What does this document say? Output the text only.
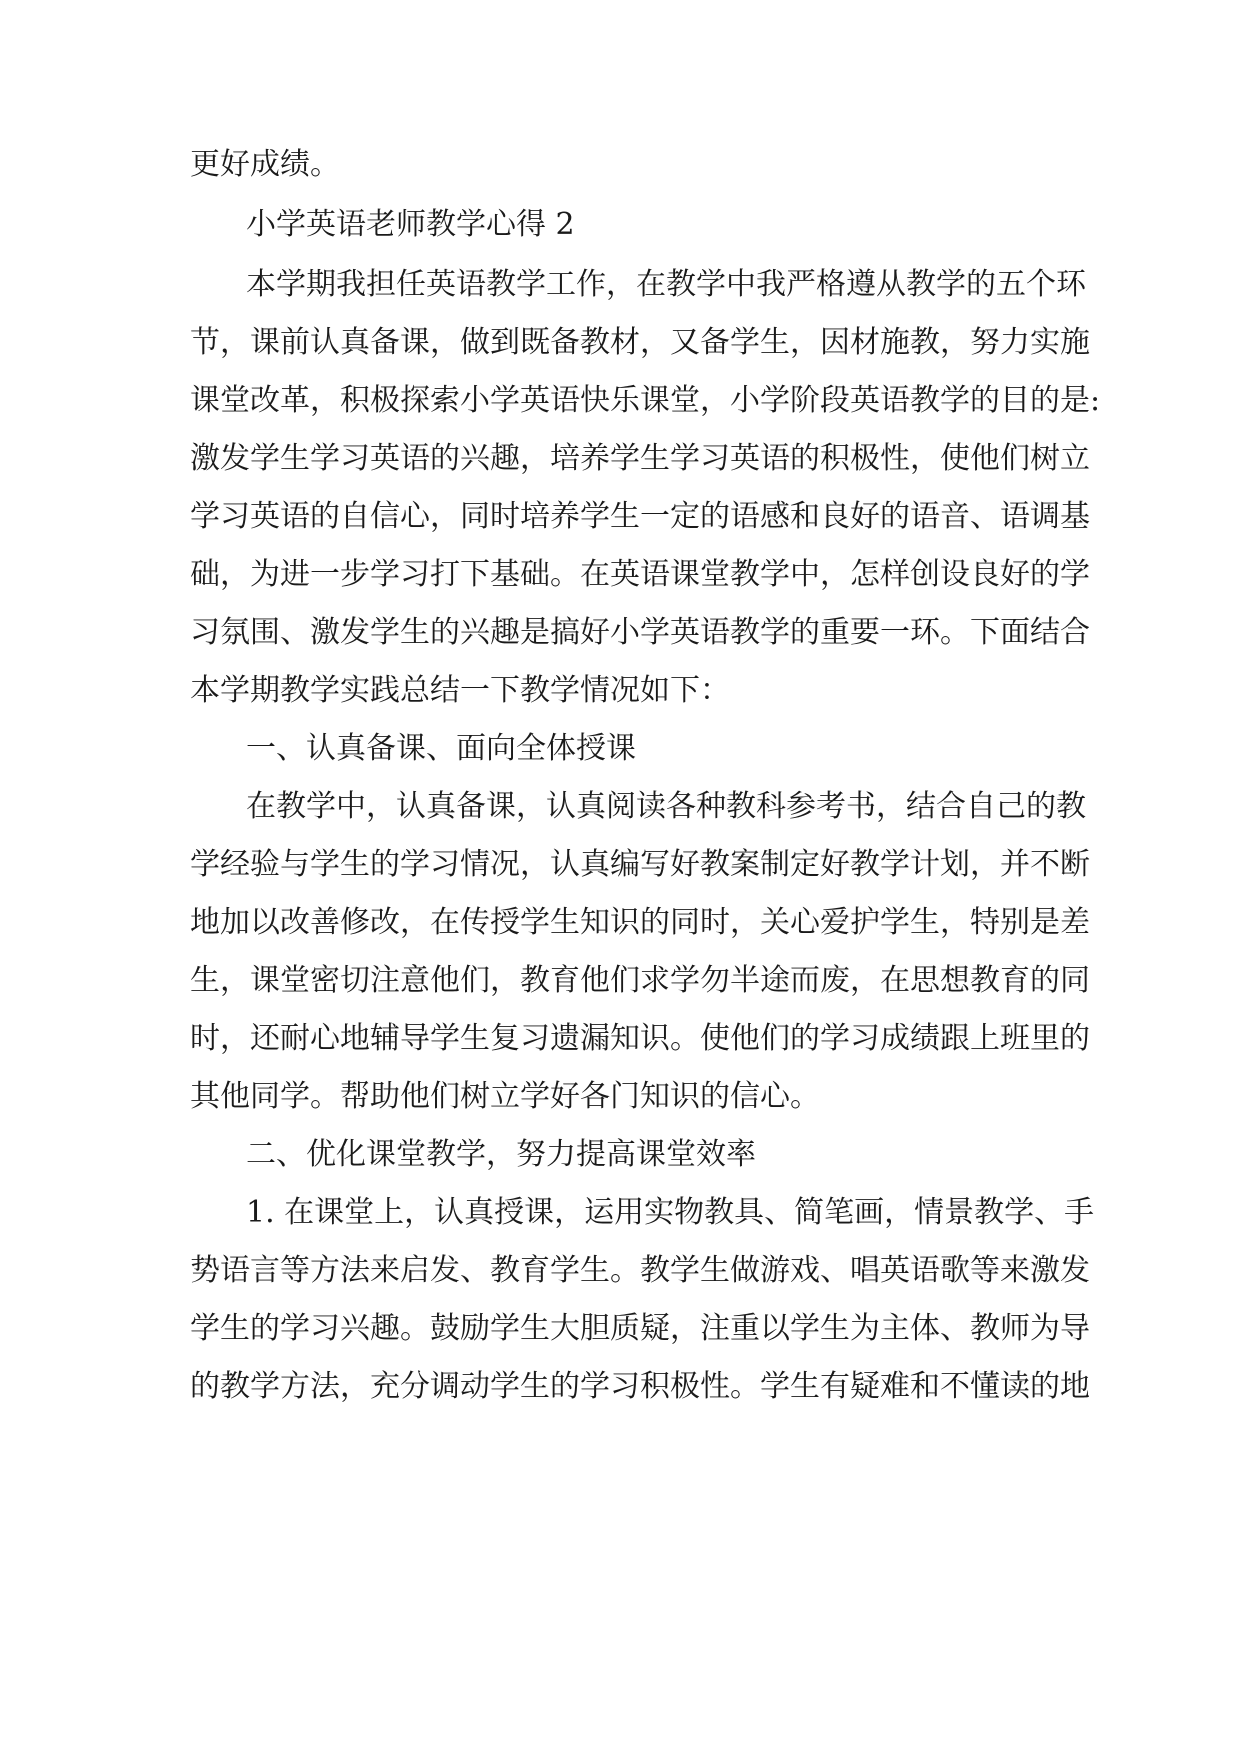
更好成绩。
小学英语老师教学心得 2
本学期我担任英语教学工作，在教学中我严格遵从教学的五个环
节，课前认真备课，做到既备教材，又备学生，因材施教，努力实施
课堂改革，积极探索小学英语快乐课堂，小学阶段英语教学的目的是:
激发学生学习英语的兴趣，培养学生学习英语的积极性，使他们树立
学习英语的自信心，同时培养学生一定的语感和良好的语音、语调基
础，为进一步学习打下基础。在英语课堂教学中，怎样创设良好的学
习氛围、激发学生的兴趣是搞好小学英语教学的重要一环。下面结合
本学期教学实践总结一下教学情况如下：
一、认真备课、面向全体授课
在教学中，认真备课，认真阅读各种教科参考书，结合自己的教
学经验与学生的学习情况，认真编写好教案制定好教学计划，并不断
地加以改善修改，在传授学生知识的同时，关心爱护学生，特别是差
生，课堂密切注意他们，教育他们求学勿半途而废，在思想教育的同
时，还耐心地辅导学生复习遗漏知识。使他们的学习成绩跟上班里的
其他同学。帮助他们树立学好各门知识的信心。
二、优化课堂教学，努力提高课堂效率
1. 在课堂上，认真授课，运用实物教具、简笔画，情景教学、手
势语言等方法来启发、教育学生。教学生做游戏、唱英语歌等来激发
学生的学习兴趣。鼓励学生大胆质疑，注重以学生为主体、教师为导
的教学方法，充分调动学生的学习积极性。学生有疑难和不懂读的地
